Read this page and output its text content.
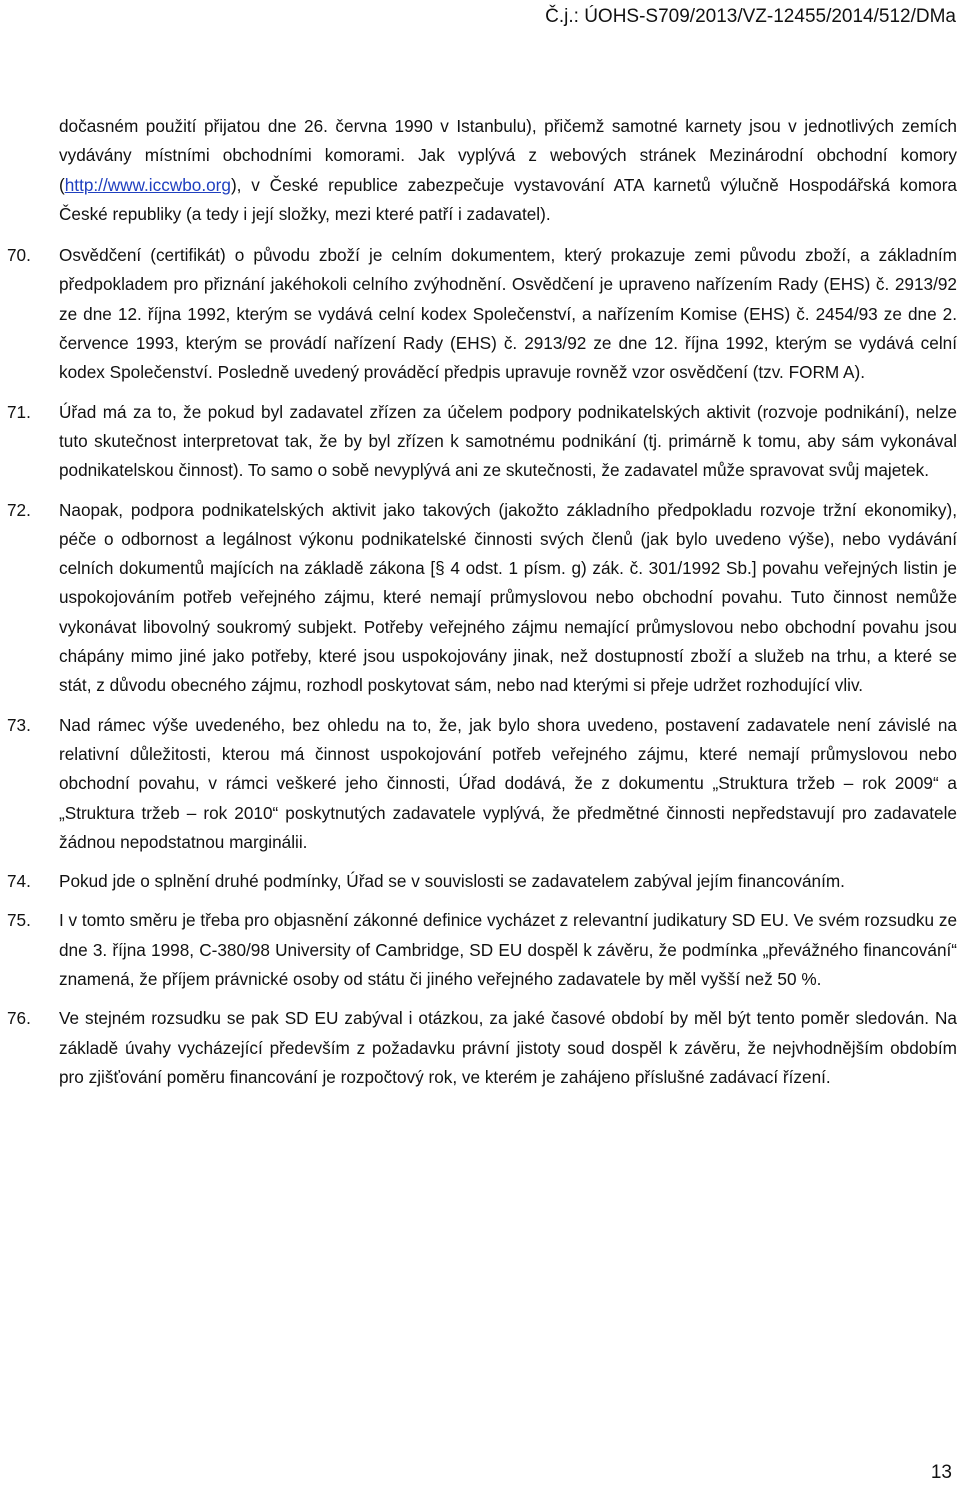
Č.j.: ÚOHS-S709/2013/VZ-12455/2014/512/DMa
dočasném použití přijatou dne 26. června 1990 v Istanbulu), přičemž samotné karnety jsou v jednotlivých zemích vydávány místními obchodními komorami. Jak vyplývá z webových stránek Mezinárodní obchodní komory (http://www.iccwbo.org), v České republice zabezpečuje vystavování ATA karnetů výlučně Hospodářská komora České republiky (a tedy i její složky, mezi které patří i zadavatel).
70. Osvědčení (certifikát) o původu zboží je celním dokumentem, který prokazuje zemi původu zboží, a základním předpokladem pro přiznání jakéhokoli celního zvýhodnění. Osvědčení je upraveno nařízením Rady (EHS) č. 2913/92 ze dne 12. října 1992, kterým se vydává celní kodex Společenství, a nařízením Komise (EHS) č. 2454/93 ze dne 2. července 1993, kterým se provádí nařízení Rady (EHS) č. 2913/92 ze dne 12. října 1992, kterým se vydává celní kodex Společenství. Posledně uvedený prováděcí předpis upravuje rovněž vzor osvědčení (tzv. FORM A).
71. Úřad má za to, že pokud byl zadavatel zřízen za účelem podpory podnikatelských aktivit (rozvoje podnikání), nelze tuto skutečnost interpretovat tak, že by byl zřízen k samotnému podnikání (tj. primárně k tomu, aby sám vykonával podnikatelskou činnost). To samo o sobě nevyplývá ani ze skutečnosti, že zadavatel může spravovat svůj majetek.
72. Naopak, podpora podnikatelských aktivit jako takových (jakožto základního předpokladu rozvoje tržní ekonomiky), péče o odbornost a legálnost výkonu podnikatelské činnosti svých členů (jak bylo uvedeno výše), nebo vydávání celních dokumentů majících na základě zákona [§ 4 odst. 1 písm. g) zák. č. 301/1992 Sb.] povahu veřejných listin je uspokojováním potřeb veřejného zájmu, které nemají průmyslovou nebo obchodní povahu. Tuto činnost nemůže vykonávat libovolný soukromý subjekt. Potřeby veřejného zájmu nemající průmyslovou nebo obchodní povahu jsou chápány mimo jiné jako potřeby, které jsou uspokojovány jinak, než dostupností zboží a služeb na trhu, a které se stát, z důvodu obecného zájmu, rozhodl poskytovat sám, nebo nad kterými si přeje udržet rozhodující vliv.
73. Nad rámec výše uvedeného, bez ohledu na to, že, jak bylo shora uvedeno, postavení zadavatele není závislé na relativní důležitosti, kterou má činnost uspokojování potřeb veřejného zájmu, které nemají průmyslovou nebo obchodní povahu, v rámci veškeré jeho činnosti, Úřad dodává, že z dokumentu „Struktura tržeb – rok 2009“ a „Struktura tržeb – rok 2010“ poskytnutých zadavatele vyplývá, že předmětné činnosti nepředstavují pro zadavatele žádnou nepodstatnou marginálii.
74. Pokud jde o splnění druhé podmínky, Úřad se v souvislosti se zadavatelem zabýval jejím financováním.
75. I v tomto směru je třeba pro objasnění zákonné definice vycházet z relevantní judikatury SD EU. Ve svém rozsudku ze dne 3. října 1998, C-380/98 University of Cambridge, SD EU dospěl k závěru, že podmínka „převážného financování“ znamená, že příjem právnické osoby od státu či jiného veřejného zadavatele by měl vyšší než 50 %.
76. Ve stejném rozsudku se pak SD EU zabýval i otázkou, za jaké časové období by měl být tento poměr sledován. Na základě úvahy vycházející především z požadavku právní jistoty soud dospěl k závěru, že nejvhodnějším obdobím pro zjišťování poměru financování je rozpočtový rok, ve kterém je zahájeno příslušné zadávací řízení.
13
